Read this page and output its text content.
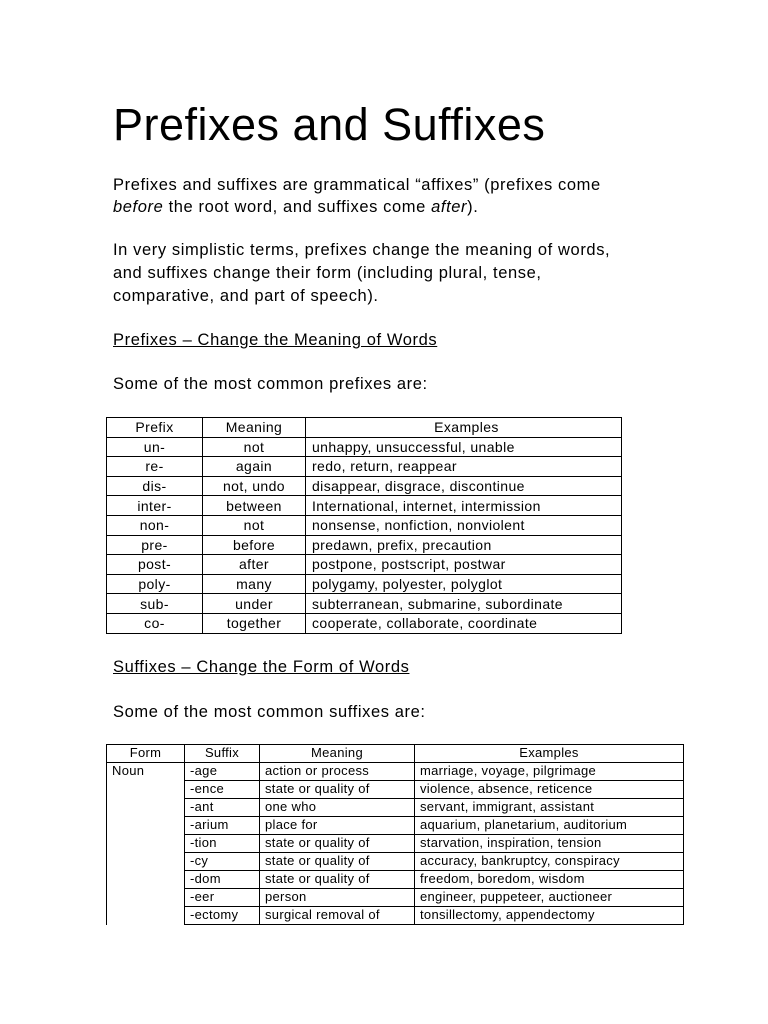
Prefixes and Suffixes

Prefixes and suffixes are grammatical “affixes” (prefixes come

before the root word, and suffixes come after).

In very simplistic terms, prefixes change the meaning of words,

and suffixes change their form (including plural, tense,

comparative, and part of speech).

Prefixes – Change the Meaning of Words

Some of the most common prefixes are:

Suffixes – Change the Form of Words

Some of the most common suffixes are:

Prefix	Meaning	Examples
un-	not	unhappy, unsuccessful, unable
re-	again	redo, return, reappear
dis-	not, undo	disappear, disgrace, discontinue
inter-	between	International, internet, intermission
non-	not	nonsense, nonfiction, nonviolent
pre-	before	predawn, prefix, precaution
post-	after	postpone, postscript, postwar
poly-	many	polygamy, polyester, polyglot
sub-	under	subterranean, submarine, subordinate
co-	together	cooperate, collaborate, coordinate
Form	Suffix	Meaning	Examples
Noun	-age	action or process	marriage, voyage, pilgrimage
	-ence	state or quality of	violence, absence, reticence
	-ant	one who	servant, immigrant, assistant
	-arium	place for	aquarium, planetarium, auditorium
	-tion	state or quality of	starvation, inspiration, tension
	-cy	state or quality of	accuracy, bankruptcy, conspiracy
	-dom	state or quality of	freedom, boredom, wisdom
	-eer	person	engineer, puppeteer, auctioneer
	-ectomy	surgical removal of	tonsillectomy, appendectomy
